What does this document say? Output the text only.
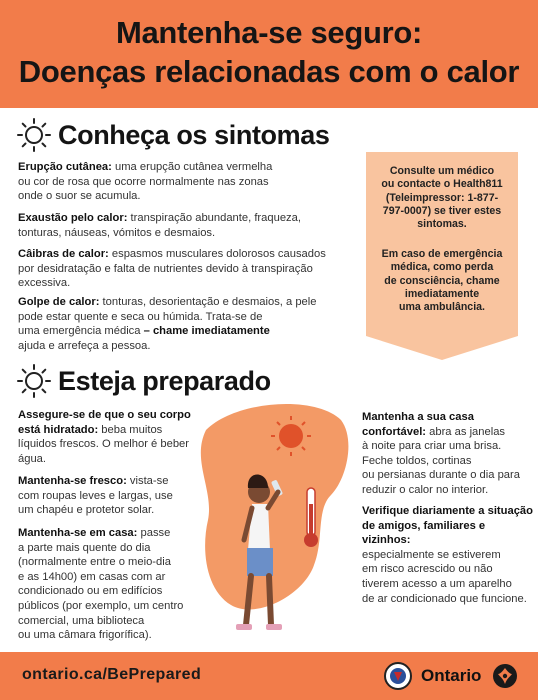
Mantenha-se seguro:
Doenças relacionadas com o calor
Conheça os sintomas
Erupção cutânea: uma erupção cutânea vermelha
ou cor de rosa que ocorre normalmente nas zonas
onde o suor se acumula.
Exaustão pelo calor: transpiração abundante, fraqueza,
tonturas, náuseas, vómitos e desmaios.
Câibras de calor: espasmos musculares dolorosos causados
por desidratação e falta de nutrientes devido à transpiração
excessiva.
Golpe de calor: tonturas, desorientação e desmaios, a pele
pode estar quente e seca ou húmida. Trata-se de
uma emergência médica – chame imediatamente
ajuda e arrefeça a pessoa.

Consulte um médico

ou contacte o Health811

(Teleimpressor: 1-877-

797-0007) se tiver estes

sintomas.

Em caso de emergência

médica, como perda

de consciência, chame

imediatamente

uma ambulância.

Esteja preparado
Assegure-se de que o seu corpo
está hidratado: beba muitos
líquidos frescos. O melhor é beber
água.
Mantenha-se fresco: vista-se
com roupas leves e largas, use
um chapéu e protetor solar.
Mantenha-se em casa: passe
a parte mais quente do dia
(normalmente entre o meio-dia
e as 14h00) em casas com ar
condicionado ou em edifícios
públicos (por exemplo, um centro
comercial, uma biblioteca
ou uma câmara frigorífica).
Mantenha a sua casa
confortável: abra as janelas
à noite para criar uma brisa.
Feche toldos, cortinas
ou persianas durante o dia para
reduzir o calor no interior.
Verifique diariamente a situação
de amigos, familiares e vizinhos:
especialmente se estiverem
em risco acrescido ou não
tiverem acesso a um aparelho
de ar condicionado que funcione.
ontario.ca/BePrepared	Ontario
